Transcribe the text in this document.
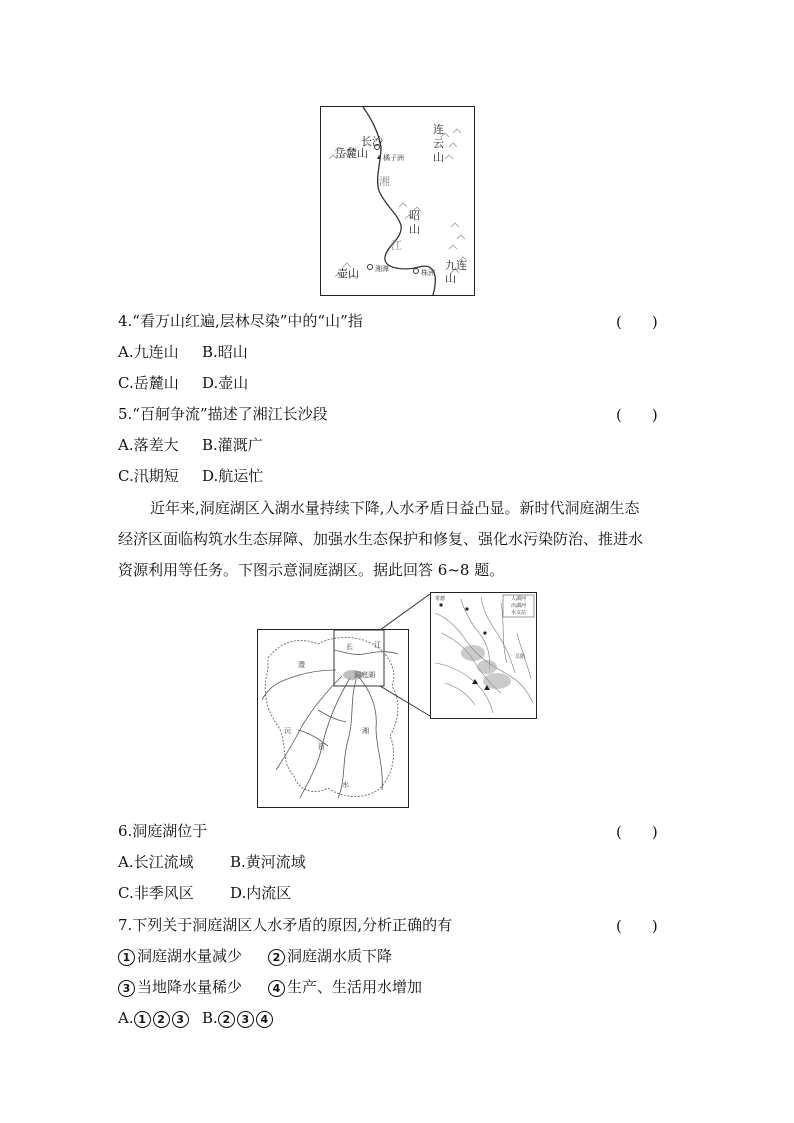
岳麓山
长沙
橘子洲
湘
连云山
昭山
江
壶山 湘潭	株洲
九连山
4.“看万山红遍,层林尽染”中的“山”指	(　　)
A.九连山 B.昭山
C.岳麓山 D.壶山
5.“百舸争流”描述了湘江长沙段	(　　)
A.落差大 B.灌溉广
C.汛期短 D.航运忙
近年来,洞庭湖区入湖水量持续下降,人水矛盾日益凸显。新时代洞庭湖生态
经济区面临构筑水生态屏障、加强水生态保护和修复、强化水污染防治、推进水
资源利用等任务。下图示意洞庭湖区。据此回答 6~8 题。
长	江
洞庭湖
澧
沅
资
湘
水
人湖河
出湖河
水文站
常德
岳阳
6.洞庭湖位于	(　　)
A.长江流域 B.黄河流域
C.非季风区 D.内流区
7.下列关于洞庭湖区人水矛盾的原因,分析正确的有	(　　)
1 洞庭湖水量减少	2 洞庭湖水质下降
3 当地降水量稀少	4 生产、生活用水增加
A. 1 2 3 B. 2 3 4
